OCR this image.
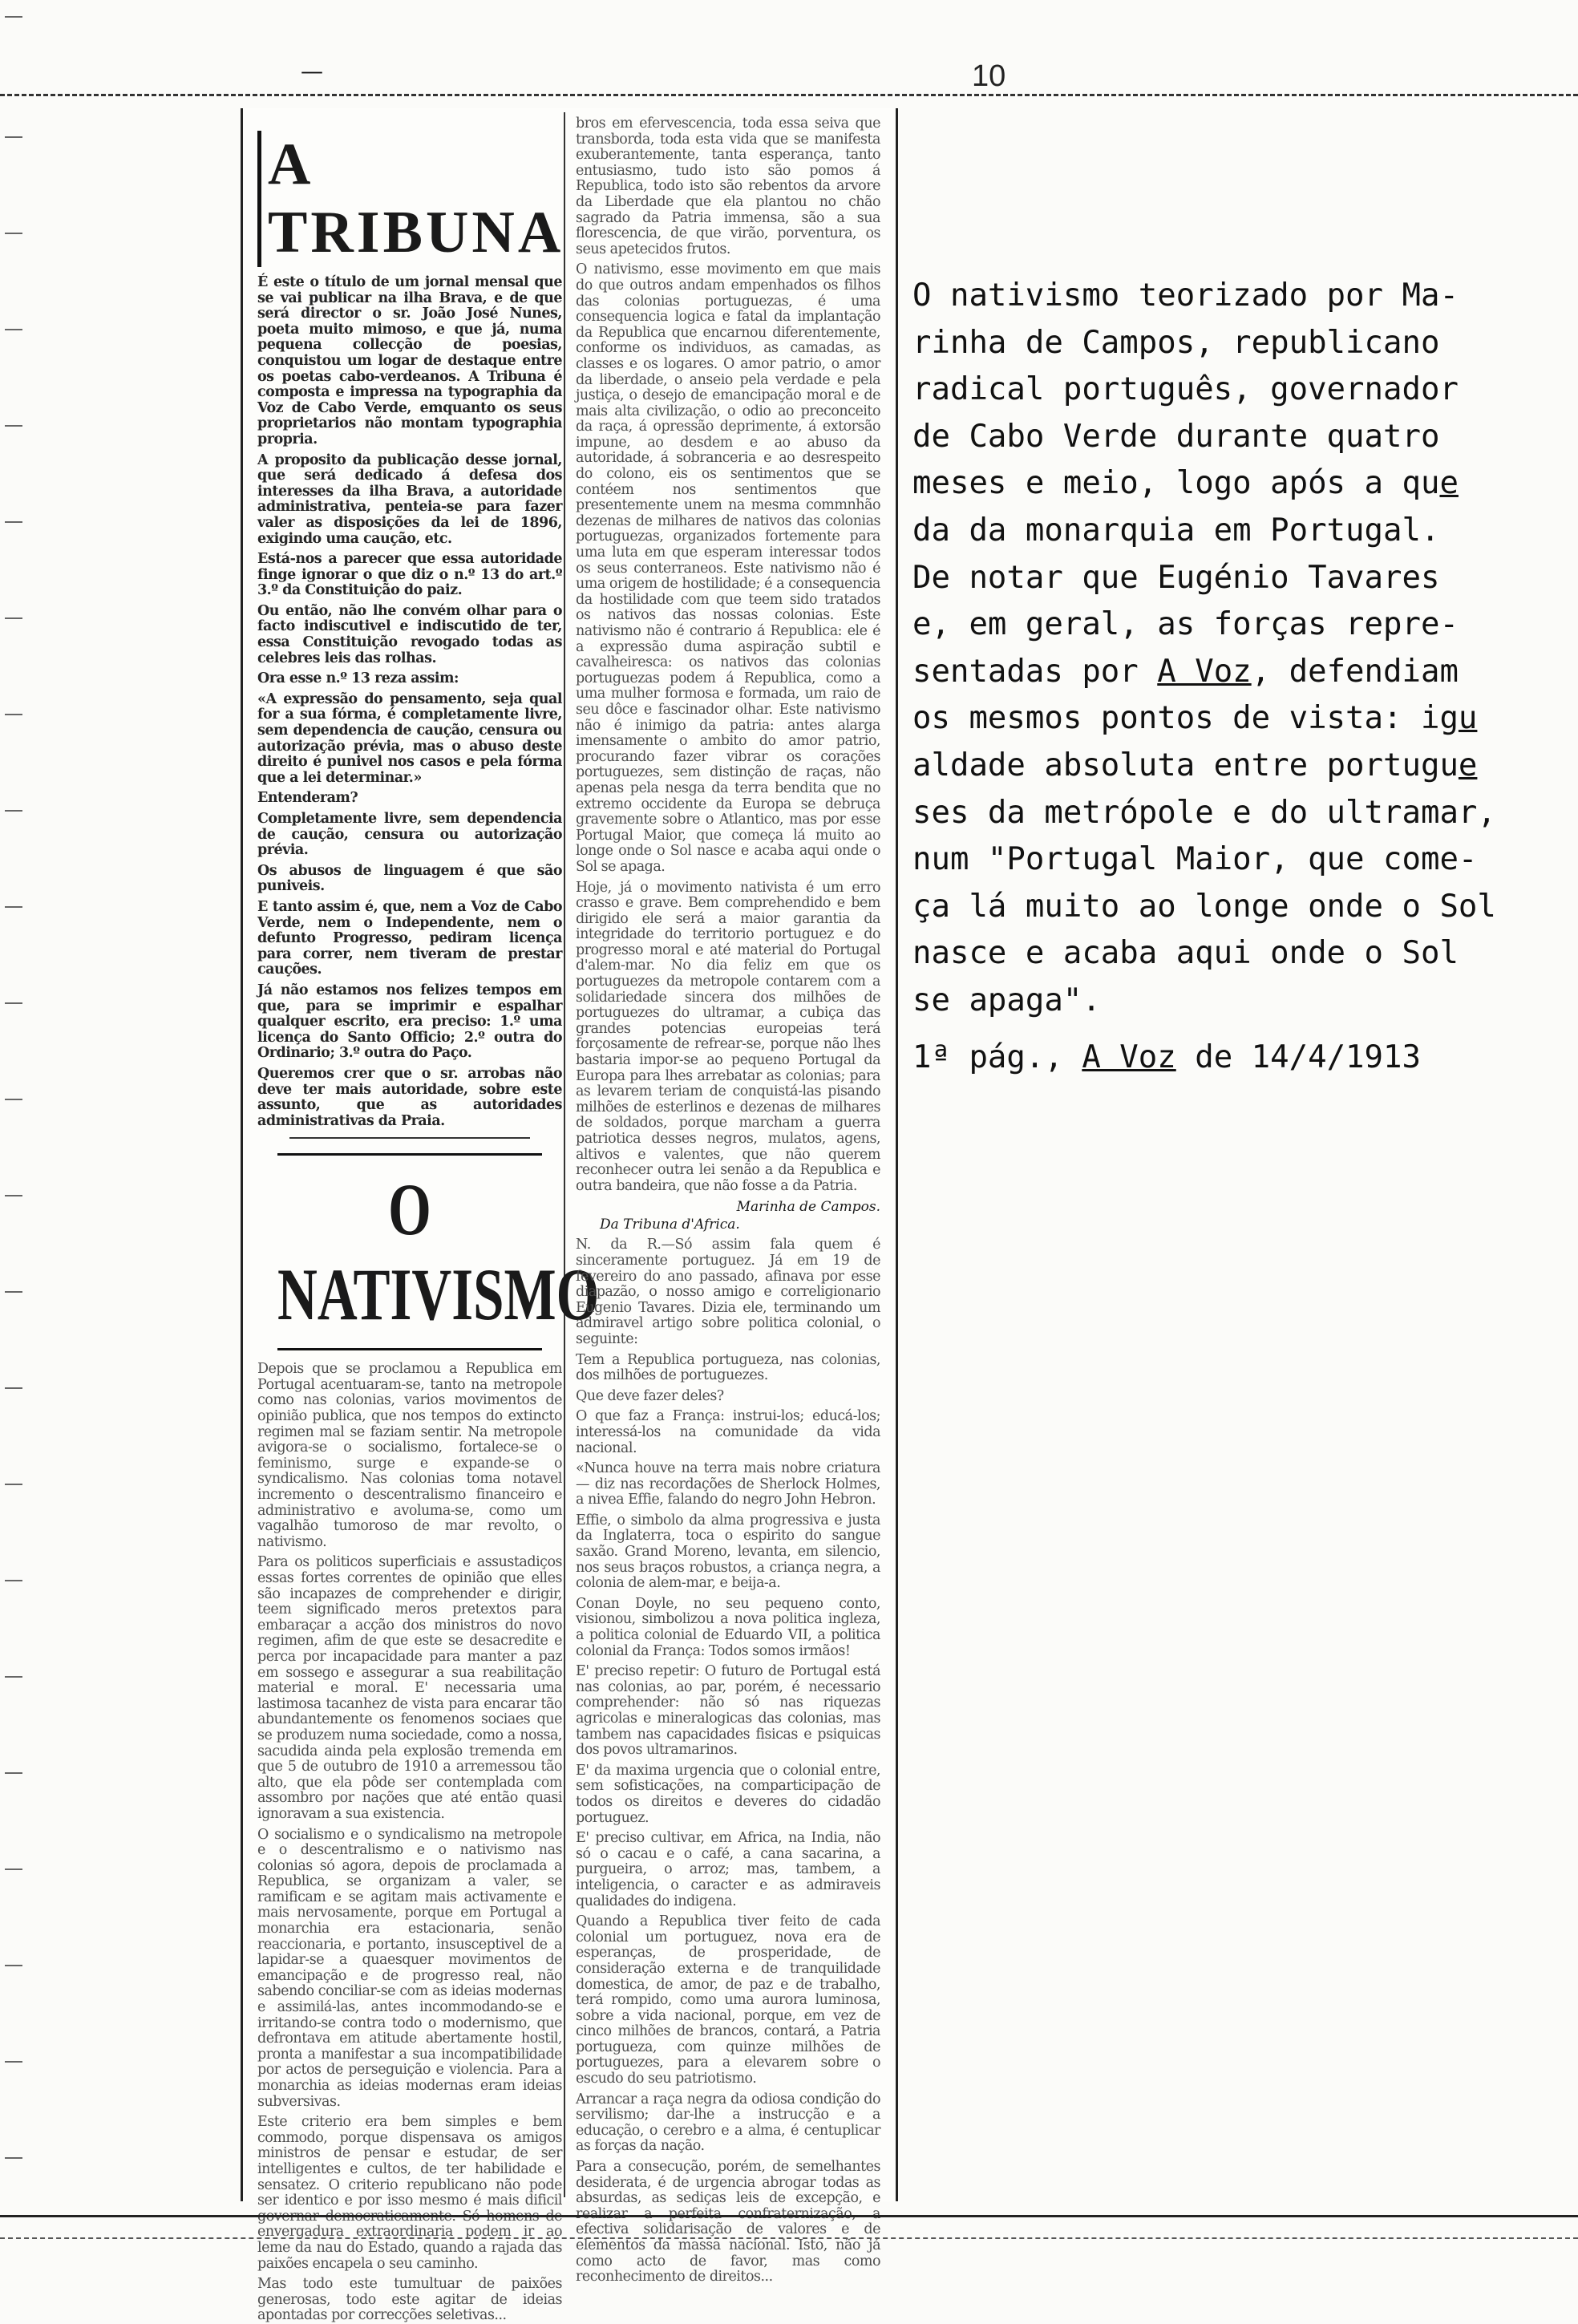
—	10
A TRIBUNA

É este o título de um jornal mensal que se vai publicar na ilha Brava, e de que será director o sr. João José Nunes, poeta muito mimoso, e que já, numa pequena collecção de poesias, conquistou um logar de destaque entre os poetas cabo-verdeanos. A Tribuna é composta e impressa na typographia da Voz de Cabo Verde, emquanto os seus proprietarios não montam typographia propria.

A proposito da publicação desse jornal, que será dedicado á defesa dos interesses da ilha Brava, a autoridade administrativa, penteia-se para fazer valer as disposições da lei de 1896, exigindo uma caução, etc.

Está-nos a parecer que essa autoridade finge ignorar o que diz o n.º 13 do art.º 3.º da Constituição do paiz.

Ou então, não lhe convém olhar para o facto indiscutivel e indiscutido de ter, essa Constituição revogado todas as celebres leis das rolhas.

Ora esse n.º 13 reza assim:

«A expressão do pensamento, seja qual for a sua fórma, é completamente livre, sem dependencia de caução, censura ou autorização prévia, mas o abuso deste direito é punivel nos casos e pela fórma que a lei determinar.»

Entenderam?

Completamente livre, sem dependencia de caução, censura ou autorização prévia.

Os abusos de linguagem é que são puniveis.

E tanto assim é, que, nem a Voz de Cabo Verde, nem o Independente, nem o defunto Progresso, pediram licença para correr, nem tiveram de prestar cauções.

Já não estamos nos felizes tempos em que, para se imprimir e espalhar qualquer escrito, era preciso: 1.º uma licença do Santo Officio; 2.º outra do Ordinario; 3.º outra do Paço.

Queremos crer que o sr. arrobas não deve ter mais autoridade, sobre este assunto, que as autoridades administrativas da Praia.

O NATIVISMO

Depois que se proclamou a Republica em Portugal acentuaram-se, tanto na metropole como nas colonias, varios movimentos de opinião publica, que nos tempos do extincto regimen mal se faziam sentir. Na metropole avigora-se o socialismo, fortalece-se o feminismo, surge e expande-se o syndicalismo. Nas colonias toma notavel incremento o descentralismo financeiro e administrativo e avoluma-se, como um vagalhão tumoroso de mar revolto, o nativismo.

Para os politicos superficiais e assustadiços essas fortes correntes de opinião que elles são incapazes de comprehender e dirigir, teem significado meros pretextos para embaraçar a acção dos ministros do novo regimen, afim de que este se desacredite e perca por incapacidade para manter a paz em sossego e assegurar a sua reabilitação material e moral. E' necessaria uma lastimosa tacanhez de vista para encarar tão abundantemente os fenomenos sociaes que se produzem numa sociedade, como a nossa, sacudida ainda pela explosão tremenda em que 5 de outubro de 1910 a arremessou tão alto, que ela pôde ser contemplada com assombro por nações que até então quasi ignoravam a sua existencia.

O socialismo e o syndicalismo na metropole e o descentralismo e o nativismo nas colonias só agora, depois de proclamada a Republica, se organizam a valer, se ramificam e se agitam mais activamente e mais nervosamente, porque em Portugal a monarchia era estacionaria, senão reaccionaria, e portanto, insusceptivel de a lapidar-se a quaesquer movimentos de emancipação e de progresso real, não sabendo conciliar-se com as ideias modernas e assimilá-las, antes incommodando-se e irritando-se contra todo o modernismo, que defrontava em atitude abertamente hostil, pronta a manifestar a sua incompatibilidade por actos de perseguição e violencia. Para a monarchia as ideias modernas eram ideias subversivas.

Este criterio era bem simples e bem commodo, porque dispensava os amigos ministros de pensar e estudar, de ser intelligentes e cultos, de ter habilidade e sensatez. O criterio republicano não pode ser identico e por isso mesmo é mais dificil governar democraticamente. Só homens de envergadura extraordinaria podem ir ao leme da nau do Estado, quando a rajada das paixões encapela o seu caminho.

Mas todo este tumultuar de paixões generosas, todo este agitar de ideias apontadas por correcções seletivas...

bros em efervescencia, toda essa seiva que transborda, toda esta vida que se manifesta exuberantemente, tanta esperança, tanto entusiasmo, tudo isto são pomos á Republica, todo isto são rebentos da arvore da Liberdade que ela plantou no chão sagrado da Patria immensa, são a sua florescencia, de que virão, porventura, os seus apetecidos frutos.

O nativismo, esse movimento em que mais do que outros andam empenhados os filhos das colonias portuguezas, é uma consequencia logica e fatal da implantação da Republica que encarnou diferentemente, conforme os individuos, as camadas, as classes e os logares. O amor patrio, o amor da liberdade, o anseio pela verdade e pela justiça, o desejo de emancipação moral e de mais alta civilização, o odio ao preconceito da raça, á opressão deprimente, á extorsão impune, ao desdem e ao abuso da autoridade, á sobranceria e ao desrespeito do colono, eis os sentimentos que se contéem nos sentimentos que presentemente unem na mesma commnhão dezenas de milhares de nativos das colonias portuguezas, organizados fortemente para uma luta em que esperam interessar todos os seus conterraneos. Este nativismo não é uma origem de hostilidade; é a consequencia da hostilidade com que teem sido tratados os nativos das nossas colonias. Este nativismo não é contrario á Republica: ele é a expressão duma aspiração subtil e cavalheiresca: os nativos das colonias portuguezas podem á Republica, como a uma mulher formosa e formada, um raio de seu dôce e fascinador olhar. Este nativismo não é inimigo da patria: antes alarga imensamente o ambito do amor patrio, procurando fazer vibrar os corações portuguezes, sem distinção de raças, não apenas pela nesga da terra bendita que no extremo occidente da Europa se debruça gravemente sobre o Atlantico, mas por esse Portugal Maior, que começa lá muito ao longe onde o Sol nasce e acaba aqui onde o Sol se apaga.

Hoje, já o movimento nativista é um erro crasso e grave. Bem comprehendido e bem dirigido ele será a maior garantia da integridade do territorio portuguez e do progresso moral e até material do Portugal d'alem-mar. No dia feliz em que os portuguezes da metropole contarem com a solidariedade sincera dos milhões de portuguezes do ultramar, a cubiça das grandes potencias europeias terá forçosamente de refrear-se, porque não lhes bastaria impor-se ao pequeno Portugal da Europa para lhes arrebatar as colonias; para as levarem teriam de conquistá-las pisando milhões de esterlinos e dezenas de milhares de soldados, porque marcham a guerra patriotica desses negros, mulatos, agens, altivos e valentes, que não querem reconhecer outra lei senão a da Republica e outra bandeira, que não fosse a da Patria.

Marinha de Campos.
Da Tribuna d'Africa.

N. da R.—Só assim fala quem é sinceramente portuguez. Já em 19 de fevereiro do ano passado, afinava por esse diapazão, o nosso amigo e correligionario Eugenio Tavares. Dizia ele, terminando um admiravel artigo sobre politica colonial, o seguinte:

Tem a Republica portugueza, nas colonias, dos milhões de portuguezes.

Que deve fazer deles?

O que faz a França: instrui-los; educá-los; interessá-los na comunidade da vida nacional.

«Nunca houve na terra mais nobre criatura— diz nas recordações de Sherlock Holmes, a nivea Effie, falando do negro John Hebron.

Effie, o simbolo da alma progressiva e justa da Inglaterra, toca o espirito do sangue saxão. Grand Moreno, levanta, em silencio, nos seus braços robustos, a criança negra, a colonia de alem-mar, e beija-a.

Conan Doyle, no seu pequeno conto, visionou, simbolizou a nova politica ingleza, a politica colonial de Eduardo VII, a politica colonial da França: Todos somos irmãos!

E' preciso repetir: O futuro de Portugal está nas colonias, ao par, porém, é necessario comprehender: não só nas riquezas agricolas e mineralogicas das colonias, mas tambem nas capacidades fisicas e psiquicas dos povos ultramarinos.

E' da maxima urgencia que o colonial entre, sem sofisticações, na comparticipação de todos os direitos e deveres do cidadão portuguez.

E' preciso cultivar, em Africa, na India, não só o cacau e o café, a cana sacarina, a purgueira, o arroz; mas, tambem, a inteligencia, o caracter e as admiraveis qualidades do indigena.

Quando a Republica tiver feito de cada colonial um portuguez, nova era de esperanças, de prosperidade, de consideração externa e de tranquilidade domestica, de amor, de paz e de trabalho, terá rompido, como uma aurora luminosa, sobre a vida nacional, porque, em vez de cinco milhões de brancos, contará, a Patria portugueza, com quinze milhões de portuguezes, para a elevarem sobre o escudo do seu patriotismo.

Arrancar a raça negra da odiosa condição do servilismo; dar-lhe a instrucção e a educação, o cerebro e a alma, é centuplicar as forças da nação.

Para a consecução, porém, de semelhantes desiderata, é de urgencia abrogar todas as absurdas, as sediças leis de excepção, e realizar a perfeita confraternização, a efectiva solidarisação de valores e de elementos da massa nacional. Isto, não já como acto de favor, mas como reconhecimento de direitos...

O nativismo teorizado por Ma-

rinha de Campos, republicano

radical português, governador

de Cabo Verde durante quatro

meses e meio, logo após a que

da da monarquia em Portugal.

De notar que Eugénio Tavares

e, em geral, as forças repre-

sentadas por A Voz, defendiam

os mesmos pontos de vista: igu

aldade absoluta entre portugue

ses da metrópole e do ultramar,

num "Portugal Maior, que come-

ça lá muito ao longe onde o Sol

nasce e acaba aqui onde o Sol

se apaga".

1ª pág., A Voz de 14/4/1913
